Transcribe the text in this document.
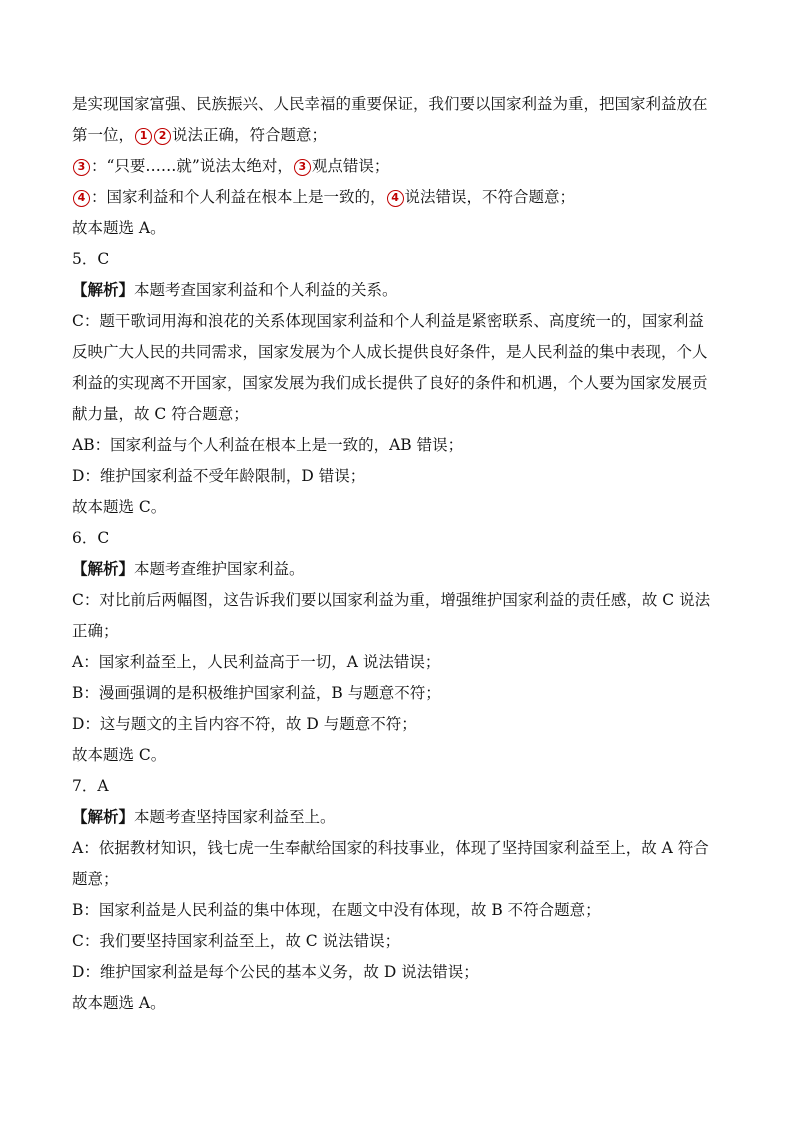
是实现国家富强、民族振兴、人民幸福的重要保证，我们要以国家利益为重，把国家利益放在
第一位， 1 2 说法正确，符合题意；
3 ：“只要……就”说法太绝对， 3 观点错误；
4 ：国家利益和个人利益在根本上是一致的， 4 说法错误，不符合题意；
故本题选 A。
5．C
【解析】本题考查国家利益和个人利益的关系。
C：题干歌词用海和浪花的关系体现国家利益和个人利益是紧密联系、高度统一的，国家利益
反映广大人民的共同需求，国家发展为个人成长提供良好条件，是人民利益的集中表现，个人
利益的实现离不开国家，国家发展为我们成长提供了良好的条件和机遇，个人要为国家发展贡
献力量，故 C 符合题意；
AB：国家利益与个人利益在根本上是一致的，AB 错误；
D：维护国家利益不受年龄限制，D 错误；
故本题选 C。
6．C
【解析】本题考查维护国家利益。
C：对比前后两幅图，这告诉我们要以国家利益为重，增强维护国家利益的责任感，故 C 说法
正确；
A：国家利益至上，人民利益高于一切，A 说法错误；
B：漫画强调的是积极维护国家利益，B 与题意不符；
D：这与题文的主旨内容不符，故 D 与题意不符；
故本题选 C。
7．A
【解析】本题考查坚持国家利益至上。
A：依据教材知识，钱七虎一生奉献给国家的科技事业，体现了坚持国家利益至上，故 A 符合
题意；
B：国家利益是人民利益的集中体现，在题文中没有体现，故 B 不符合题意；
C：我们要坚持国家利益至上，故 C 说法错误；
D：维护国家利益是每个公民的基本义务，故 D 说法错误；
故本题选 A。
